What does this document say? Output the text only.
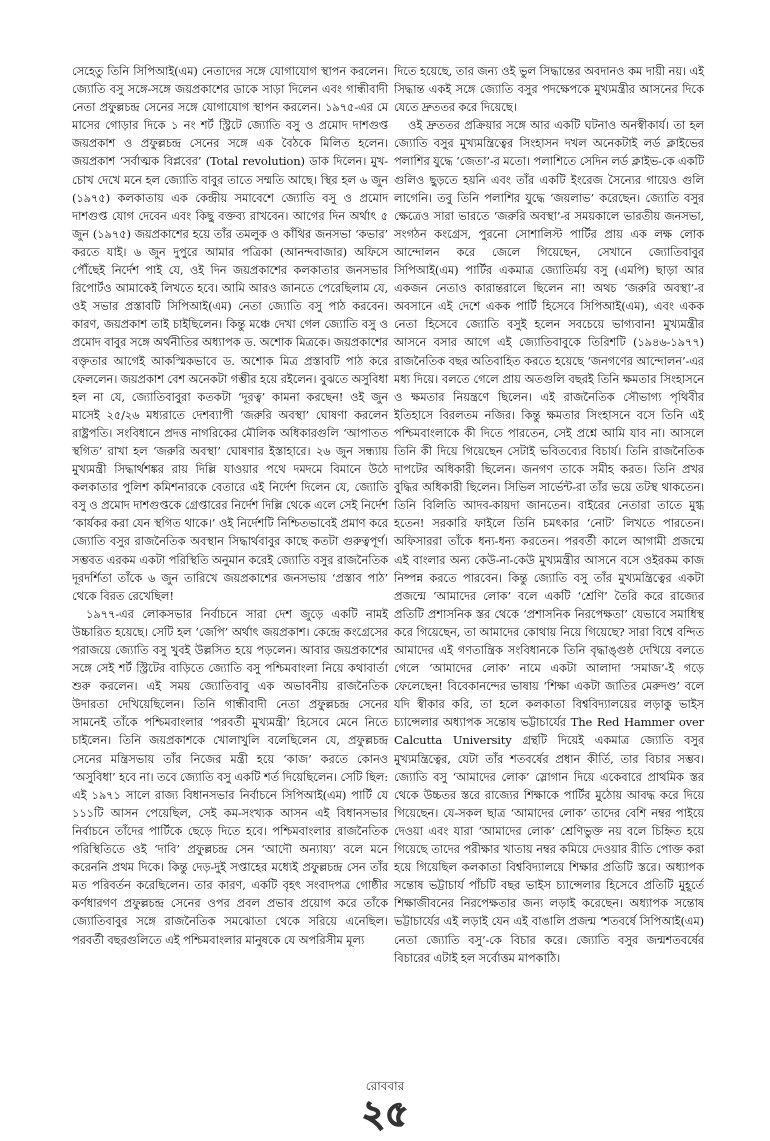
সেহেতু তিনি সিপিআই(এম) নেতাদের সঙ্গে যোগাযোগ স্থাপন করলেন। জ্যোতি বসু সঙ্গে-সঙ্গে জয়প্রকাশের ডাকে সাড়া দিলেন এবং গান্ধীবাদী নেতা প্রফুল্লচন্দ্র সেনের সঙ্গে যোগাযোগ স্থাপন করলেন। ১৯৭৫-এর মে মাসের গোড়ার দিকে ১ নং শর্ট স্ট্রিটে জ্যোতি বসু ও প্রমোদ দাশগুপ্ত জয়প্রকাশ ও প্রফুল্লচন্দ্র সেনের সঙ্গে এক বৈঠকে মিলিত হলেন। জয়প্রকাশ ‘সর্বাত্মক বিপ্লবের’ (Total revolution) ডাক দিলেন। মুখ-চোখ দেখে মনে হল জ্যোতি বাবুর তাতে সম্মতি আছে। স্থির হল ৬ জুন (১৯৭৫) কলকাতায় এক কেন্দ্রীয় সমাবেশে জ্যোতি বসু ও প্রমোদ দাশগুপ্ত যোগ দেবেন এবং কিছু বক্তব্য রাখবেন। আগের দিন অর্থাৎ ৫ জুন (১৯৭৫) জয়প্রকাশের হয়ে তাঁর তমলুক ও কাঁথির জনসভা ‘কভার’ করতে যাই। ৬ জুন দুপুরে আমার পত্রিকা (আনন্দবাজার) অফিসে পৌঁছেই নির্দেশ পাই যে, ওই দিন জয়প্রকাশের কলকাতার জনসভার রিপোর্টও আমাকেই লিখতে হবে। আমি আরও জানতে পেরেছিলাম যে, ওই সভার প্রস্তাবটি সিপিআই(এম) নেতা জ্যোতি বসু পাঠ করবেন। কারণ, জয়প্রকাশ তাই চাইছিলেন। কিন্তু মঞ্চে দেখা গেল জ্যোতি বসু ও প্রমোদ বাবুর সঙ্গে অর্থনীতির অধ্যাপক ড. অশোক মিত্রকে। জয়প্রকাশের বক্তৃতার আগেই আকস্মিকভাবে ড. অশোক মিত্র প্রস্তাবটি পাঠ করে ফেললেন। জয়প্রকাশ বেশ অনেকটা গম্ভীর হয়ে রইলেন। বুঝতে অসুবিধা হল না যে, জ্যোতিবাবুরা কতকটা ‘দূরত্ব’ কামনা করছেন! ওই জুন মাসেই ২৫/২৬ মধ্যরাতে দেশব্যাপী ‘জরুরি অবস্থা’ ঘোষণা করলেন রাষ্ট্রপতি। সংবিধানে প্রদত্ত নাগরিকের মৌলিক অধিকারগুলি ‘আপাতত স্থগিত’ রাখা হল ‘জরুরি অবস্থা’ ঘোষণার ইস্তাহারে। ২৬ জুন সন্ধ্যায় মুখ্যমন্ত্রী সিদ্ধার্থশঙ্কর রায় দিল্লি যাওয়ার পথে দমদমে বিমানে উঠে কলকাতার পুলিশ কমিশনারকে বেতারে এই নির্দেশ দিলেন যে, জ্যোতি বসু ও প্রমোদ দাশগুপ্তকে গ্রেপ্তারের নির্দেশ দিল্লি থেকে এলে সেই নির্দেশ ‘কার্যকর করা যেন স্থগিত থাকে।’ ওই নির্দেশটি নিশ্চিতভাবেই প্রমাণ করে জ্যোতি বসুর রাজনৈতিক অবস্থান সিদ্ধার্থবাবুর কাছে কতটা গুরুত্বপূর্ণ। সম্ভবত এরকম একটা পরিস্থিতি অনুমান করেই জ্যোতি বসুর রাজনৈতিক দূরদর্শিতা তাঁকে ৬ জুন তারিখে জয়প্রকাশের জনসভায় ‘প্রস্তাব পাঠ’ থেকে বিরত রেখেছিল!

১৯৭৭-এর লোকসভার নির্বাচনে সারা দেশ জুড়ে একটি নামই উচ্চারিত হয়েছে। সেটি হল ‘জেপি’ অর্থাৎ জয়প্রকাশ। কেন্দ্রে কংগ্রেসের পরাজয়ে জ্যোতি বসু খুবই উল্লসিত হয়ে পড়লেন। আবার জয়প্রকাশের সঙ্গে সেই শর্ট স্ট্রিটের বাড়িতে জ্যোতি বসু পশ্চিমবাংলা নিয়ে কথাবার্তা শুরু করলেন। এই সময় জ্যোতিবাবু এক অভাবনীয় রাজনৈতিক উদারতা দেখিয়েছিলেন। তিনি গান্ধীবাদী নেতা প্রফুল্লচন্দ্র সেনের সামনেই তাঁকে পশ্চিমবাংলার ‘পরবর্তী মুখ্যমন্ত্রী’ হিসেবে মেনে নিতে চাইলেন। তিনি জয়প্রকাশকে খোলাখুলি বলেছিলেন যে, প্রফুল্লচন্দ্র সেনের মন্ত্রিসভায় তাঁর নিজের মন্ত্রী হয়ে ‘কাজ’ করতে কোনও ‘অসুবিধা’ হবে না। তবে জ্যোতি বসু একটি শর্ত দিয়েছিলেন। সেটি ছিল: এই ১৯৭১ সালে রাজ্য বিধানসভার নির্বাচনে সিপিআই(এম) পার্টি যে ১১১টি আসন পেয়েছিল, সেই কম-সংখ্যক আসন এই বিধানসভার নির্বাচনে তাঁদের পার্টিকে ছেড়ে দিতে হবে। পশ্চিমবাংলার রাজনৈতিক পরিস্থিতিতে ওই ‘দাবি’ প্রফুল্লচন্দ্র সেন ‘আদৌ অন্যায্য’ বলে মনে করেননি প্রথম দিকে। কিন্তু দেড়-দুই সপ্তাহের মধ্যেই প্রফুল্লচন্দ্র সেন তাঁর মত পরিবর্তন করেছিলেন। তার কারণ, একটি বৃহৎ সংবাদপত্র গোষ্ঠীর কর্ণধারগণ প্রফুল্লচন্দ্র সেনের ওপর প্রবল প্রভাব প্রয়োগ করে তাঁকে জ্যোতিবাবুর সঙ্গে রাজনৈতিক সমঝোতা থেকে সরিয়ে এনেছিল। পরবর্তী বছরগুলিতে এই পশ্চিমবাংলার মানুষকে যে অপরিসীম মূল্য

দিতে হয়েছে, তার জন্য ওই ভুল সিদ্ধান্তের অবদানও কম দায়ী নয়। এই সিদ্ধান্ত একই সঙ্গে জ্যোতি বসুর পদক্ষেপকে মুখ্যমন্ত্রীর আসনের দিকে যেতে দ্রুততর করে দিয়েছে।

ওই দ্রুততর প্রক্রিয়ার সঙ্গে আর একটি ঘটনাও অনস্বীকার্য। তা হল জ্যোতি বসুর মুখ্যমন্ত্রিত্বের সিংহাসন দখল অনেকটাই লর্ড ক্লাইভের পলাশির যুদ্ধে ‘জেতা’-র মতো। পলাশিতে সেদিন লর্ড ক্লাইভ-কে একটি গুলিও ছুড়তে হয়নি এবং তাঁর একটি ইংরেজ সৈন্যের গায়েও গুলি লাগেনি। তবু তিনি পলাশির যুদ্ধে ‘জয়লাভ’ করেছেন। জ্যোতি বসুর ক্ষেত্রেও সারা ভারতে ‘জরুরি অবস্থা’-র সময়কালে ভারতীয় জনসভা, সংগঠন কংগ্রেস, পুরনো সোশালিস্ট পার্টির প্রায় এক লক্ষ লোক আন্দোলন করে জেলে গিয়েছেন, সেখানে জ্যোতিবাবুর সিপিআই(এম) পার্টির একমাত্র জ্যোতির্ময় বসু (এমপি) ছাড়া আর একজন নেতাও কারান্তরালে ছিলেন না! অথচ ‘জরুরি অবস্থা’-র অবসানে এই দেশে একক পার্টি হিসেবে সিপিআই(এম), এবং একক নেতা হিসেবে জ্যোতি বসুই হলেন সবচেয়ে ভাগ্যবান! মুখ্যমন্ত্রীর আসনে বসার আগে এই জ্যোতিবাবুকে তিরিশটি (১৯৪৬-১৯৭৭) রাজনৈতিক বছর অতিবাহিত করতে হয়েছে ‘জনগণের আন্দোলন’-এর মধ্য দিয়ে। বলতে গেলে প্রায় অতগুলি বছরই তিনি ক্ষমতার সিংহাসনে ও ক্ষমতার নিয়ন্ত্রণে ছিলেন। এই রাজনৈতিক সৌভাগ্য পৃথিবীর ইতিহাসে বিরলতম নজির। কিন্তু ক্ষমতার সিংহাসনে বসে তিনি এই পশ্চিমবাংলাকে কী দিতে পারতেন, সেই প্রশ্নে আমি যাব না। আসলে তিনি কী দিয়ে গিয়েছেন সেটাই ভবিতব্যের বিচার্য। তিনি রাজনৈতিক দাপটের অধিকারী ছিলেন। জনগণ তাকে সমীহ করত। তিনি প্রখর বুদ্ধির অধিকারী ছিলেন। সিভিল সার্ভেন্ট-রা তাঁর ভয়ে তটস্থ থাকতেন। তিনি বিলিতি আদব-কায়দা জানতেন। বাইরের নেতারা তাতে মুগ্ধ হতেন! সরকারি ফাইলে তিনি চমৎকার ‘নোট’ লিখতে পারতেন। অফিসাররা তাঁকে ধন্য-ধন্য করতেন। পরবর্তী কালে আগামী প্রজন্মে এই বাংলার অন্য কেউ-না-কেউ মুখ্যমন্ত্রীর আসনে বসে ওইরকম কাজ নিষ্পন্ন করতে পারবেন। কিন্তু জ্যোতি বসু তাঁর মুখ্যমন্ত্রিত্বের একটা প্রজন্মে ‘আমাদের লোক’ বলে একটি ‘শ্রেণি’ তৈরি করে রাজ্যের প্রতিটি প্রশাসনিক স্তর থেকে ‘প্রশাসনিক নিরপেক্ষতা’ যেভাবে সমাধিস্থ করে গিয়েছেন, তা আমাদের কোথায় নিয়ে গিয়েছে? সারা বিশ্বে বন্দিত আমাদের এই গণতান্ত্রিক সংবিধানকে তিনি বৃদ্ধাঙ্গুষ্ঠ দেখিয়ে বলতে গেলে ‘আমাদের লোক’ নামে একটা আলাদা ‘সমাজ’-ই গড়ে ফেলেছেন! বিবেকানন্দের ভাষায় ‘শিক্ষা একটা জাতির মেরুদণ্ড’ বলে যদি স্বীকার করি, তা হলে কলকাতা বিশ্ববিদ্যালয়ের লড়াকু ভাইস চ্যান্সেলার অধ্যাপক সন্তোষ ভট্টাচার্যের The Red Hammer over Calcutta University গ্রন্থটি দিয়েই একমাত্র জ্যোতি বসুর মুখ্যমন্ত্রিত্বের, যেটা তাঁর শতবর্ষের প্রধান কীর্তি, তার বিচার সম্ভব। জ্যোতি বসু ‘আমাদের লোক’ স্লোগান দিয়ে একেবারে প্রাথমিক স্তর থেকে উচ্চতর স্তরে রাজ্যের শিক্ষাকে পার্টির মুঠোয় আবদ্ধ করে দিয়ে গিয়েছেন। যে-সকল ছাত্র ‘আমাদের লোক’ তাদের বেশি নম্বর পাইয়ে দেওয়া এবং যারা ‘আমাদের লোক’ শ্রেণিভুক্ত নয় বলে চিহ্নিত হয়ে গিয়েছে তাদের পরীক্ষার খাতায় নম্বর কমিয়ে দেওয়ার রীতি পোক্ত করা হয়ে গিয়েছিল কলকাতা বিশ্ববিদ্যালয়ে শিক্ষার প্রতিটি স্তরে। অধ্যাপক সন্তোষ ভট্টাচার্য পাঁচটি বছর ভাইস চ্যান্সেলার হিসেবে প্রতিটি মুহূর্তে শিক্ষাজীবনের নিরপেক্ষতার জন্য লড়াই করেছেন। অধ্যাপক সন্তোষ ভট্টাচার্যের এই লড়াই যেন এই বাঙালি প্রজন্ম ‘শতবর্ষে সিপিআই(এম) নেতা জ্যোতি বসু’-কে বিচার করে। জ্যোতি বসুর জন্মশতবর্ষের বিচারের এটাই হল সর্বোত্তম মাপকাঠি।

রোববার
২৫
